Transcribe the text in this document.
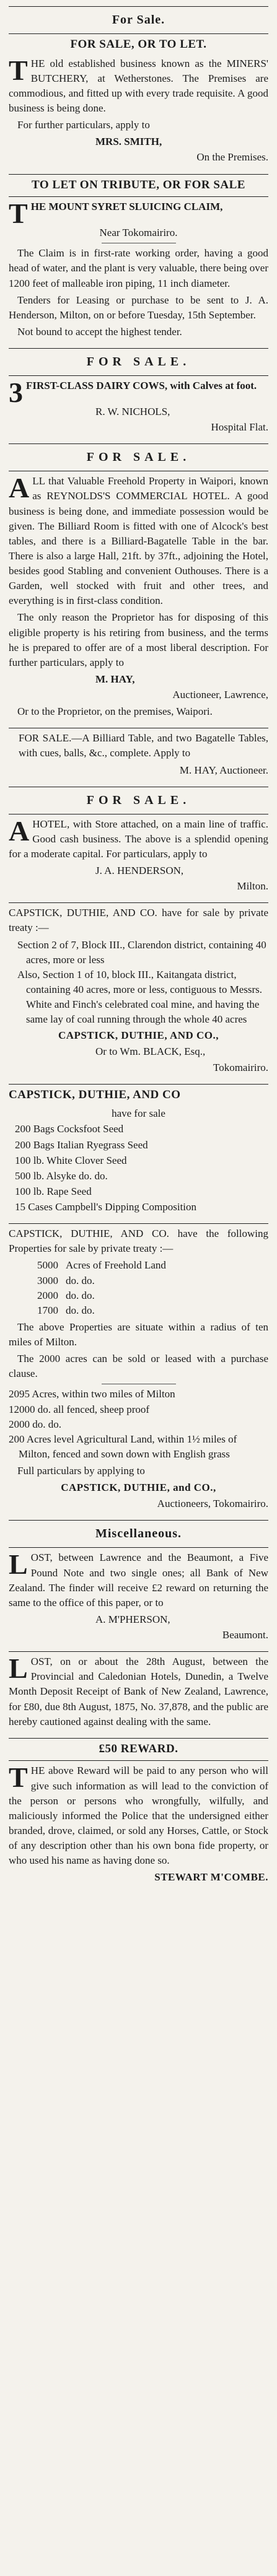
For Sale.
FOR SALE, OR TO LET.
THE old established business known as the MINERS' BUTCHERY, at Wetherstones. The Premises are commodious, and fitted up with every trade requisite. A good business is being done.
For further particulars, apply to
MRS. SMITH,
On the Premises.
TO LET ON TRIBUTE, OR FOR SALE
THE MOUNT SYRET SLUICING CLAIM,
Near Tokomairiro.
The Claim is in first-rate working order, having a good head of water, and the plant is very valuable, there being over 1200 feet of malleable iron piping, 11 inch diameter.
Tenders for Leasing or purchase to be sent to J. A. Henderson, Milton, on or before Tuesday, 15th September.
Not bound to accept the highest tender.
FOR SALE.
3 FIRST-CLASS DAIRY COWS, with Calves at foot.
R. W. NICHOLS,
Hospital Flat.
FOR SALE.
ALL that Valuable Freehold Property in Waipori, known as REYNOLDS'S COMMERCIAL HOTEL. A good business is being done, and immediate possession would be given. The Billiard Room is fitted with one of Alcock's best tables, and there is a Billiard-Bagatelle Table in the bar. There is also a large Hall, 21ft. by 37ft., adjoining the Hotel, besides good Stabling and convenient Outhouses. There is a Garden, well stocked with fruit and other trees, and everything is in first-class condition.
The only reason the Proprietor has for disposing of this eligible property is his retiring from business, and the terms he is prepared to offer are of a most liberal description. For further particulars, apply to
M. HAY,
Auctioneer, Lawrence,
Or to the Proprietor, on the premises, Waipori.
FOR SALE.—A Billiard Table, and two Bagatelle Tables, with cues, balls, &c., complete. Apply to
M. HAY, Auctioneer.
FOR SALE.
AHOTEL, with Store attached, on a main line of traffic. Good cash business. The above is a splendid opening for a moderate capital. For particulars, apply to
J. A. HENDERSON,
Milton.
CAPSTICK, DUTHIE, AND CO. have for sale by private treaty :—
Section 2 of 7, Block III., Clarendon district, containing 40 acres, more or less
Also, Section 1 of 10, block III., Kaitangata district, containing 40 acres, more or less, contiguous to Messrs. White and Finch's celebrated coal mine, and having the same lay of coal running through the whole 40 acres
CAPSTICK, DUTHIE, AND CO.,
Or to Wm. BLACK, Esq.,
Tokomairiro.
CAPSTICK, DUTHIE, AND CO
have for sale
200 Bags Cocksfoot Seed
200 Bags Italian Ryegrass Seed
100 lb. White Clover Seed
500 lb. Alsyke do. do.
100 lb. Rape Seed
15 Cases Campbell's Dipping Composition
CAPSTICK, DUTHIE, AND CO. have the following Properties for sale by private treaty :—
5000	Acres of Freehold Land
3000	do. do.
2000	do. do.
1700	do. do.
The above Properties are situate within a radius of ten miles of Milton.
The 2000 acres can be sold or leased with a purchase clause.
2095 Acres, within two miles of Milton
12000 do. all fenced, sheep proof
2000 do. do.
200 Acres level Agricultural Land, within 1½ miles of Milton, fenced and sown down with English grass
Full particulars by applying to
CAPSTICK, DUTHIE, and CO.,
Auctioneers, Tokomairiro.
Miscellaneous.
LOST, between Lawrence and the Beaumont, a Five Pound Note and two single ones; all Bank of New Zealand. The finder will receive £2 reward on returning the same to the office of this paper, or to
A. M'PHERSON,
Beaumont.
LOST, on or about the 28th August, between the Provincial and Caledonian Hotels, Dunedin, a Twelve Month Deposit Receipt of Bank of New Zealand, Lawrence, for £80, due 8th August, 1875, No. 37,878, and the public are hereby cautioned against dealing with the same.
£50 REWARD.
THE above Reward will be paid to any person who will give such information as will lead to the conviction of the person or persons who wrongfully, wilfully, and maliciously informed the Police that the undersigned either branded, drove, claimed, or sold any Horses, Cattle, or Stock of any description other than his own bona fide property, or who used his name as having done so.
STEWART M'COMBE.
